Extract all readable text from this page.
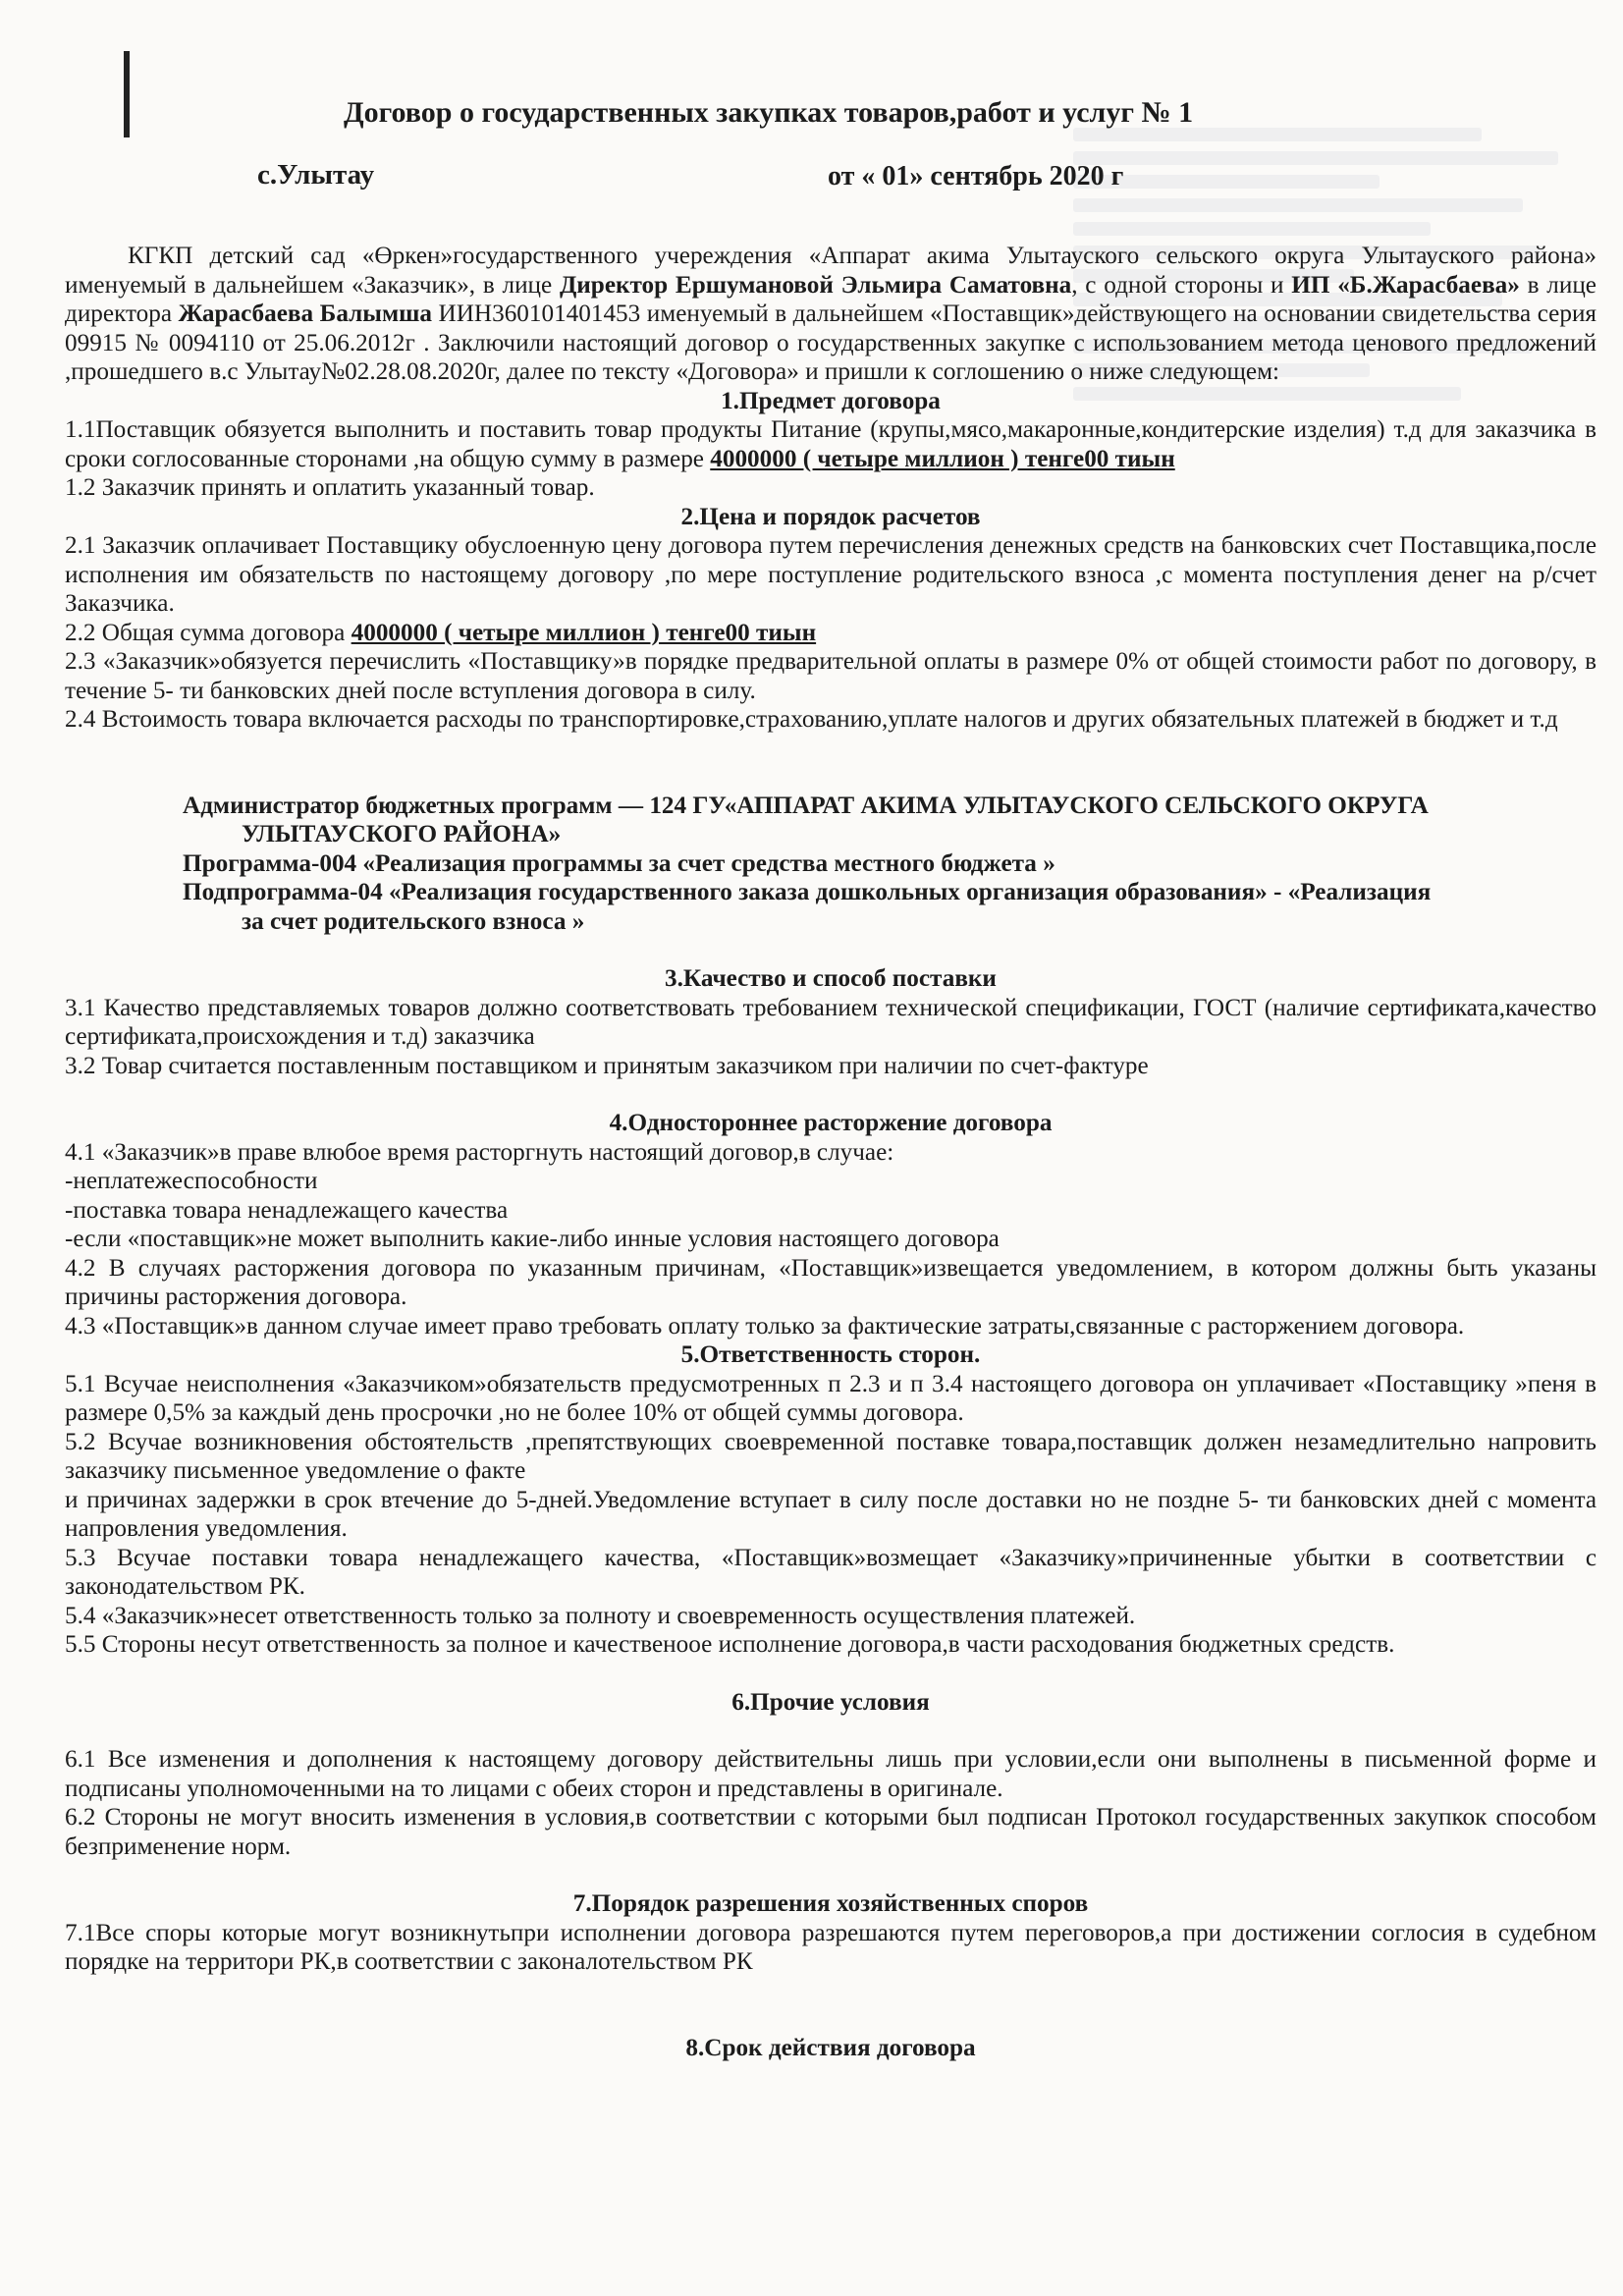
Договор о государственных закупках товаров,работ и услуг № 1
с.Улытау	от « 01» сентябрь 2020 г

КГКП детский сад «Өркен»государственного учереждения «Аппарат акима Улытауского сельского округа Улытауского района» именуемый в дальнейшем «Заказчик», в лице Директор Ершумановой Эльмира Саматовна, с одной стороны и ИП «Б.Жарасбаева» в лице директора Жарасбаева Балымша ИИН360101401453 именуемый в дальнейшем «Поставщик»действующего на основании свидетельства серия 09915 № 0094110 от 25.06.2012г . Заключили настоящий договор о государственных закупке с использованием метода ценового предложений ,прошедшего в.с Улытау№02.28.08.2020г, далее по тексту «Договора» и пришли к соглошению о ниже следующем:

1.Предмет договора

1.1Поставщик обязуется выполнить и поставить товар продукты Питание (крупы,мясо,макаронные,кондитерские изделия) т.д для заказчика в сроки соглосованные сторонами ,на общую сумму в размере 4000000 ( четыре миллион ) тенге00 тиын

1.2 Заказчик принять и оплатить указанный товар.

2.Цена и порядок расчетов

2.1 Заказчик оплачивает Поставщику обуслоенную цену договора путем перечисления денежных средств на банковских счет Поставщика,после исполнения им обязательств по настоящему договору ,по мере поступление родительского взноса ,с момента поступления денег на р/счет Заказчика.

2.2 Общая сумма договора 4000000 ( четыре миллион ) тенге00 тиын

2.3 «Заказчик»обязуется перечислить «Поставщику»в порядке предварительной оплаты в размере 0% от общей стоимости работ по договору, в течение 5- ти банковских дней после вступления договора в силу.

2.4 Встоимость товара включается расходы по транспортировке,страхованию,уплате налогов и других обязательных платежей в бюджет и т.д

Администратор бюджетных программ — 124 ГУ«АППАРАТ АКИМА УЛЫТАУСКОГО СЕЛЬСКОГО ОКРУГА
УЛЫТАУСКОГО РАЙОНА»

Программа-004 «Реализация программы за счет средства местного бюджета »

Подпрограмма-04 «Реализация государственного заказа дошкольных организация образования» - «Реализация
за счет родительского взноса »

3.Качество и способ поставки

3.1 Качество представляемых товаров должно соответствовать требованием технической спецификации, ГОСТ (наличие сертификата,качество сертификата,происхождения и т.д) заказчика

3.2 Товар считается поставленным поставщиком и принятым заказчиком при наличии по счет-фактуре

4.Одностороннее расторжение договора

4.1 «Заказчик»в праве влюбое время расторгнуть настоящий договор,в случае:

-неплатежеспособности

-поставка товара ненадлежащего качества

-если «поставщик»не может выполнить какие-либо инные условия настоящего договора

4.2 В случаях расторжения договора по указанным причинам, «Поставщик»извещается уведомлением, в котором должны быть указаны причины расторжения договора.

4.3 «Поставщик»в данном случае имеет право требовать оплату только за фактические затраты,связанные с расторжением договора.

5.Ответственность сторон.

5.1 Всучае неисполнения «Заказчиком»обязательств предусмотренных п 2.3 и п 3.4 настоящего договора он уплачивает «Поставщику »пеня в размере 0,5% за каждый день просрочки ,но не более 10% от общей суммы договора.

5.2 Всучае возникновения обстоятельств ,препятствующих своевременной поставке товара,поставщик должен незамедлительно напровить заказчику письменное уведомление о факте

и причинах задержки в срок втечение до 5-дней.Уведомление вступает в силу после доставки но не поздне 5- ти банковских дней с момента напровления уведомления.

5.3 Всучае поставки товара ненадлежащего качества, «Поставщик»возмещает «Заказчику»причиненные убытки в соответствии с законодательством РК.

5.4 «Заказчик»несет ответственность только за полноту и своевременность осуществления платежей.

5.5 Стороны несут ответственность за полное и качественоое исполнение договора,в части расходования бюджетных средств.

6.Прочие условия

6.1 Все изменения и дополнения к настоящему договору действительны лишь при условии,если они выполнены в письменной форме и подписаны уполномоченными на то лицами с обеих сторон и представлены в оригинале.

6.2 Стороны не могут вносить изменения в условия,в соответствии с которыми был подписан Протокол государственных закупкок способом безприменение норм.

7.Порядок разрешения хозяйственных споров

7.1Все споры которые могут возникнутьпри исполнении договора разрешаются путем переговоров,а при достижении соглосия в судебном порядке на территори РК,в соответствии с законалотельством РК

8.Срок действия договора
